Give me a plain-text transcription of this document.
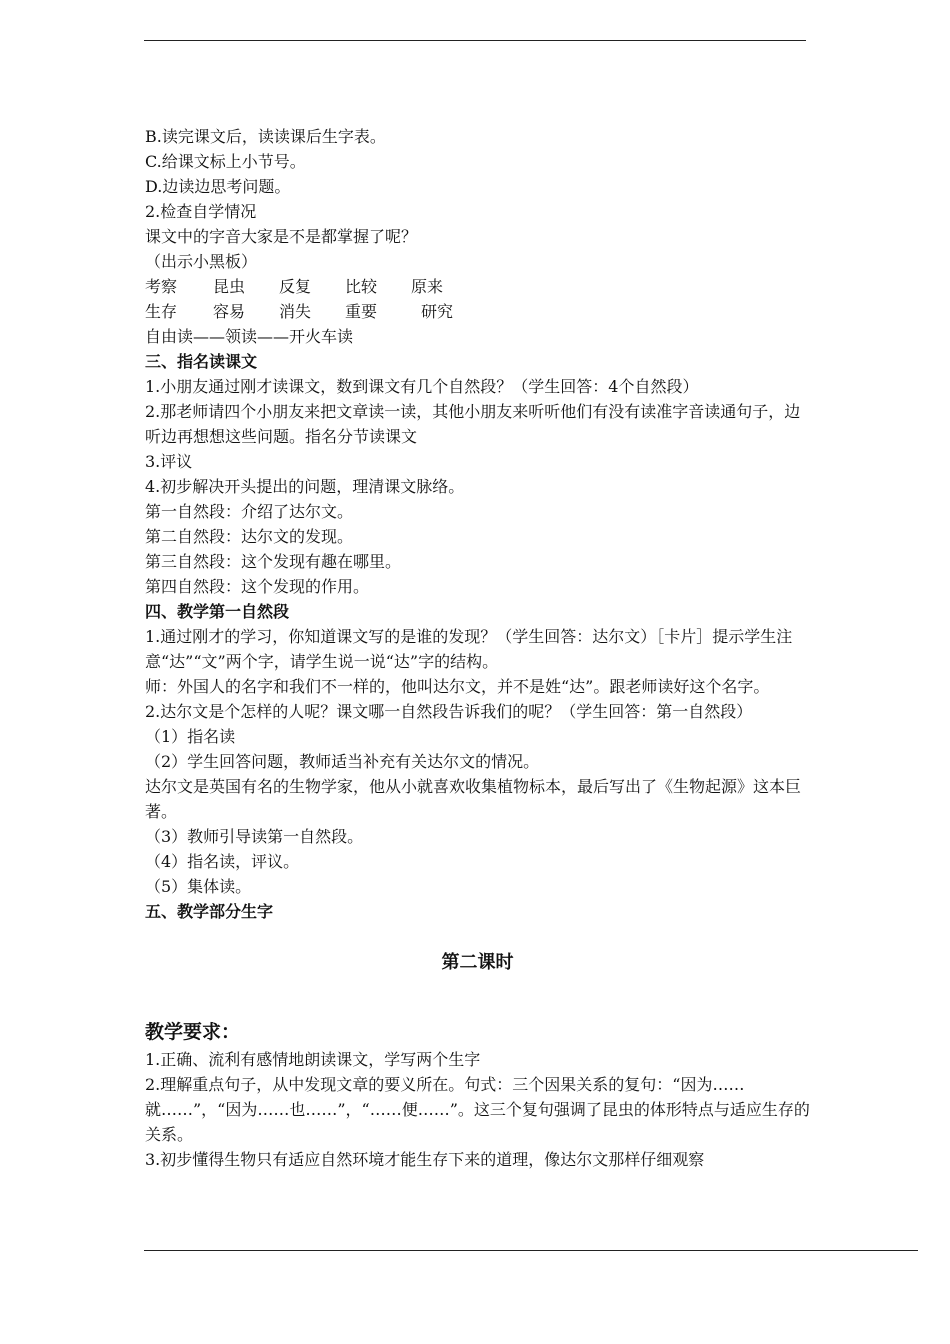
B.读完课文后，读读课后生字表。
C.给课文标上小节号。
D.边读边思考问题。
2.检查自学情况
课文中的字音大家是不是都掌握了呢？
（出示小黑板）
考察 昆虫 反复 比较 原来
生存 容易 消失 重要	研究
自由读——领读——开火车读
三、指名读课文
1.小朋友通过刚才读课文，数到课文有几个自然段？（学生回答：4个自然段）
2.那老师请四个小朋友来把文章读一读，其他小朋友来听听他们有没有读准字音读通句子，边听边再想想这些问题。指名分节读课文
3.评议
4.初步解决开头提出的问题，理清课文脉络。
第一自然段：介绍了达尔文。
第二自然段：达尔文的发现。
第三自然段：这个发现有趣在哪里。
第四自然段：这个发现的作用。
四、教学第一自然段
1.通过刚才的学习，你知道课文写的是谁的发现？（学生回答：达尔文）［卡片］提示学生注意“达”“文”两个字，请学生说一说“达”字的结构。
师：外国人的名字和我们不一样的，他叫达尔文，并不是姓“达”。跟老师读好这个名字。
2.达尔文是个怎样的人呢？课文哪一自然段告诉我们的呢？（学生回答：第一自然段）
（1）指名读
（2）学生回答问题，教师适当补充有关达尔文的情况。
达尔文是英国有名的生物学家，他从小就喜欢收集植物标本，最后写出了《生物起源》这本巨著。
（3）教师引导读第一自然段。
（4）指名读，评议。
（5）集体读。
五、教学部分生字
第二课时
教学要求：
1.正确、流利有感情地朗读课文，学写两个生字
2.理解重点句子，从中发现文章的要义所在。句式：三个因果关系的复句：“因为……就……”，“因为……也……”，“……便……”。这三个复句强调了昆虫的体形特点与适应生存的关系。
3.初步懂得生物只有适应自然环境才能生存下来的道理，像达尔文那样仔细观察
